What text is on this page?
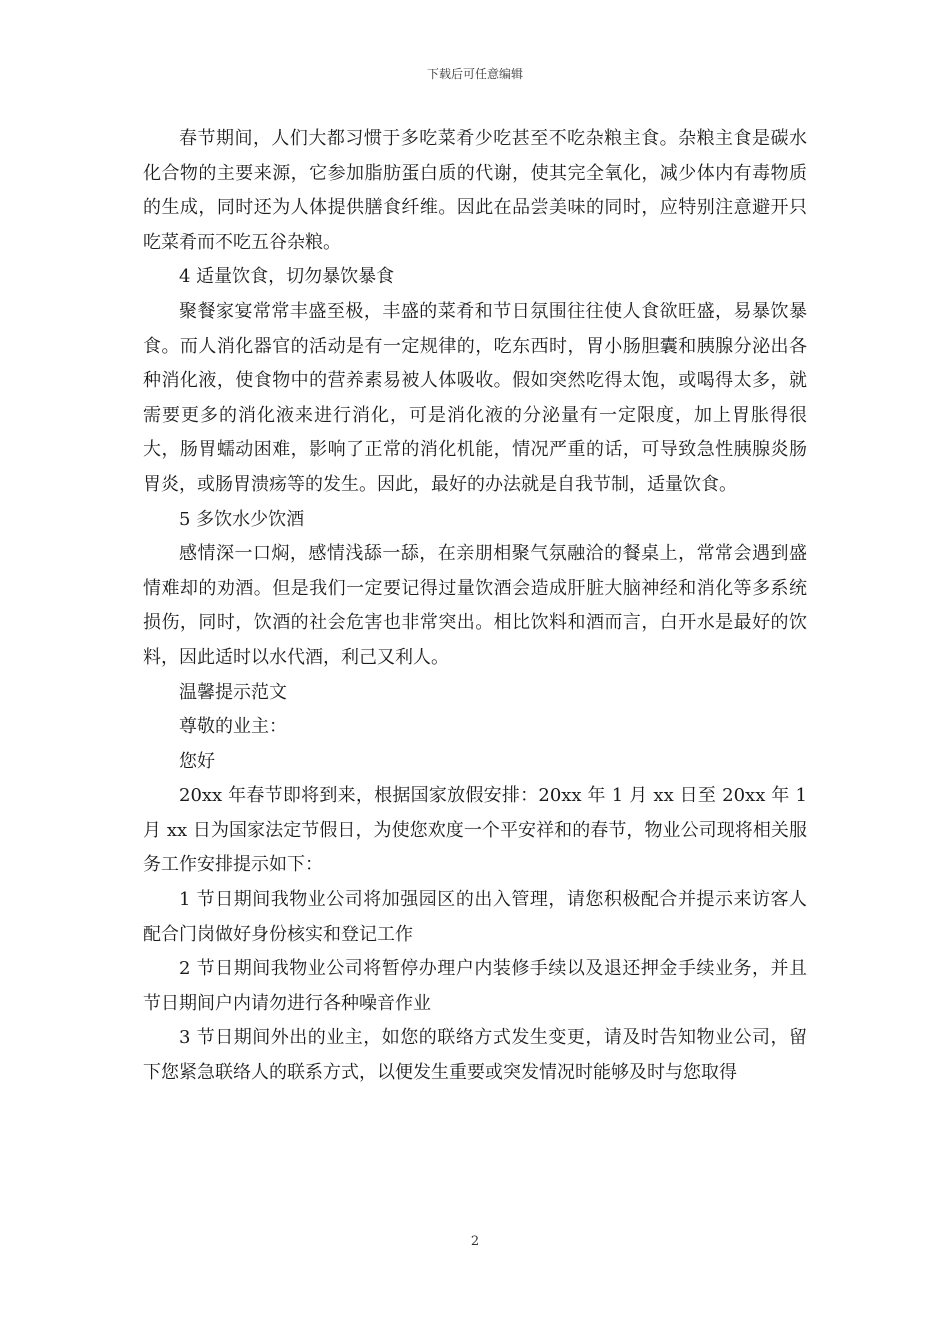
下载后可任意编辑

春节期间，人们大都习惯于多吃菜肴少吃甚至不吃杂粮主食。杂粮主食是碳水化合物的主要来源，它参加脂肪蛋白质的代谢，使其完全氧化，减少体内有毒物质的生成，同时还为人体提供膳食纤维。因此在品尝美味的同时，应特别注意避开只吃菜肴而不吃五谷杂粮。

4 适量饮食，切勿暴饮暴食

聚餐家宴常常丰盛至极，丰盛的菜肴和节日氛围往往使人食欲旺盛，易暴饮暴食。而人消化器官的活动是有一定规律的，吃东西时，胃小肠胆囊和胰腺分泌出各种消化液，使食物中的营养素易被人体吸收。假如突然吃得太饱，或喝得太多，就需要更多的消化液来进行消化，可是消化液的分泌量有一定限度，加上胃胀得很大，肠胃蠕动困难，影响了正常的消化机能，情况严重的话，可导致急性胰腺炎肠胃炎，或肠胃溃疡等的发生。因此，最好的办法就是自我节制，适量饮食。

5 多饮水少饮酒

感情深一口焖，感情浅舔一舔，在亲朋相聚气氛融洽的餐桌上，常常会遇到盛情难却的劝酒。但是我们一定要记得过量饮酒会造成肝脏大脑神经和消化等多系统损伤，同时，饮酒的社会危害也非常突出。相比饮料和酒而言，白开水是最好的饮料，因此适时以水代酒，利己又利人。

温馨提示范文

尊敬的业主：

您好

20xx 年春节即将到来，根据国家放假安排：20xx 年 1 月 xx 日至 20xx 年 1 月 xx 日为国家法定节假日，为使您欢度一个平安祥和的春节，物业公司现将相关服务工作安排提示如下：

1 节日期间我物业公司将加强园区的出入管理，请您积极配合并提示来访客人配合门岗做好身份核实和登记工作

2 节日期间我物业公司将暂停办理户内装修手续以及退还押金手续业务，并且节日期间户内请勿进行各种噪音作业

3 节日期间外出的业主，如您的联络方式发生变更，请及时告知物业公司，留下您紧急联络人的联系方式，以便发生重要或突发情况时能够及时与您取得

2
